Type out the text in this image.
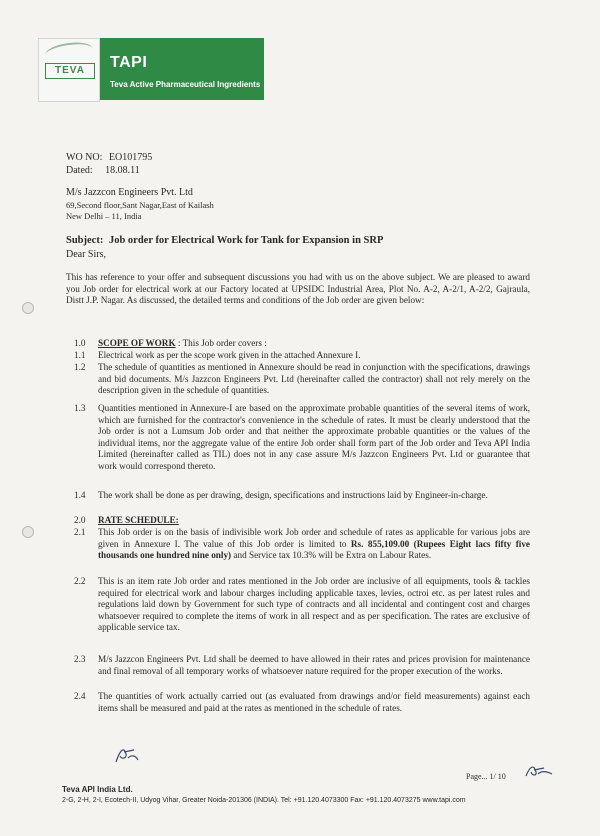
TEVA	TAPI
Teva Active Pharmaceutical Ingredients
WO NO: EO101795
Dated: 18.08.11
M/s Jazzcon Engineers Pvt. Ltd
69,Second floor,Sant Nagar,East of Kailash
New Delhi – 11, India
Subject: Job order for Electrical Work for Tank for Expansion in SRP
Dear Sirs,
This has reference to your offer and subsequent discussions you had with us on the above subject. We are pleased to award you Job order for electrical work at our Factory located at UPSIDC Industrial Area, Plot No. A-2, A-2/1, A-2/2, Gajraula, Distt J.P. Nagar. As discussed, the detailed terms and conditions of the Job order are given below:
1.0 SCOPE OF WORK : This Job order covers :
1.1 Electrical work as per the scope work given in the attached Annexure I.
1.2 The schedule of quantities as mentioned in Annexure should be read in conjunction with the specifications, drawings and bid documents. M/s Jazzcon Engineers Pvt. Ltd (hereinafter called the contractor) shall not rely merely on the description given in the schedule of quantities.
1.3 Quantities mentioned in Annexure-I are based on the approximate probable quantities of the several items of work, which are furnished for the contractor's convenience in the schedule of rates. It must be clearly understood that the Job order is not a Lumsum Job order and that neither the approximate probable quantities or the values of the individual items, nor the aggregate value of the entire Job order shall form part of the Job order and Teva API India Limited (hereinafter called as TIL) does not in any case assure M/s Jazzcon Engineers Pvt. Ltd or guarantee that work would correspond thereto.
1.4 The work shall be done as per drawing, design, specifications and instructions laid by Engineer-in-charge.
2.0 RATE SCHEDULE:
2.1 This Job order is on the basis of indivisible work Job order and schedule of rates as applicable for various jobs are given in Annexure I. The value of this Job order is limited to Rs. 855,109.00 (Rupees Eight lacs fifty five thousands one hundred nine only) and Service tax 10.3% will be Extra on Labour Rates.
2.2 This is an item rate Job order and rates mentioned in the Job order are inclusive of all equipments, tools & tackles required for electrical work and labour charges including applicable taxes, levies, octroi etc. as per latest rules and regulations laid down by Government for such type of contracts and all incidental and contingent cost and charges whatsoever required to complete the items of work in all respect and as per specification. The rates are exclusive of applicable service tax.
2.3 M/s Jazzcon Engineers Pvt. Ltd shall be deemed to have allowed in their rates and prices provision for maintenance and final removal of all temporary works of whatsoever nature required for the proper execution of the works.
2.4 The quantities of work actually carried out (as evaluated from drawings and/or field measurements) against each items shall be measured and paid at the rates as mentioned in the schedule of rates.
Page... 1/ 10
Teva API India Ltd.
2-G, 2-H, 2-I, Ecotech-II, Udyog Vihar, Greater Noida-201306 (INDIA). Tel: +91.120.4073300 Fax: +91.120.4073275 www.tapi.com
